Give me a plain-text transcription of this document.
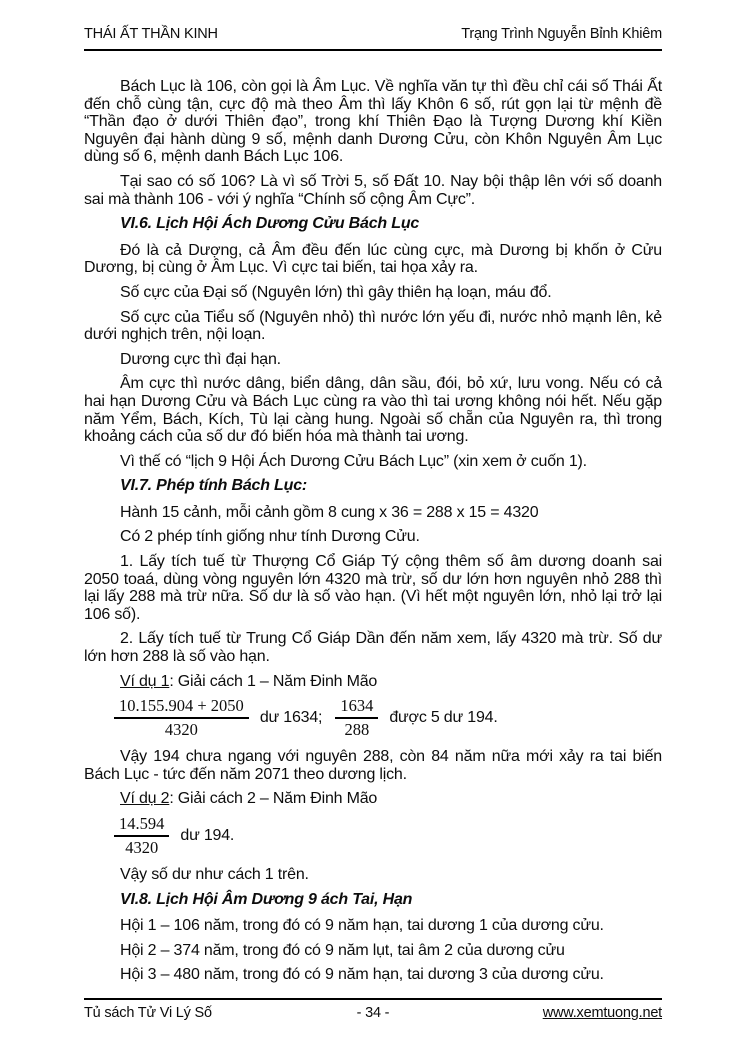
THÁI ẤT THẦN KINH	Trạng Trình Nguyễn Bỉnh Khiêm

Bách Lục là 106, còn gọi là Âm Lục. Về nghĩa văn tự thì đều chỉ cái số Thái Ất đến chỗ cùng tận, cực độ mà theo Âm thì lấy Khôn 6 số, rút gọn lại từ mệnh đề “Thần đạo ở dưới Thiên đạo”, trong khí Thiên Đạo là Tượng Dương khí Kiền Nguyên đại hành dùng 9 số, mệnh danh Dương Cửu, còn Khôn Nguyên Âm Lục dùng số 6, mệnh danh Bách Lục 106.

Tại sao có số 106? Là vì số Trời 5, số Đất 10. Nay bội thập lên với số doanh sai mà thành 106 - với ý nghĩa “Chính số cộng Âm Cực”.

VI.6. Lịch Hội Ách Dương Cửu Bách Lục

Đó là cả Dượng, cả Âm đều đến lúc cùng cực, mà Dương bị khốn ở Cửu Dương, bị cùng ở Âm Lục. Vì cực tai biến, tai họa xảy ra.

Số cực của Đại số (Nguyên lớn) thì gây thiên hạ loạn, máu đổ.

Số cực của Tiểu số (Nguyên nhỏ) thì nước lớn yếu đi, nước nhỏ mạnh lên, kẻ dưới nghịch trên, nội loạn.

Dương cực thì đại hạn.

Âm cực thì nước dâng, biển dâng, dân sầu, đói, bỏ xứ, lưu vong. Nếu có cả hai hạn Dương Cửu và Bách Lục cùng ra vào thì tai ương không nói hết. Nếu gặp năm Yểm, Bách, Kích, Tù lại càng hung. Ngoài số chẵn của Nguyên ra, thì trong khoảng cách của số dư đó biến hóa mà thành tai ương.

Vì thế có “lịch 9 Hội Ách Dương Cửu Bách Lục” (xin xem ở cuốn 1).

VI.7. Phép tính Bách Lục:

Hành 15 cảnh, mỗi cảnh gồm 8 cung x 36 = 288 x 15 = 4320

Có 2 phép tính giống như tính Dương Cửu.

1. Lấy tích tuế từ Thượng Cổ Giáp Tý cộng thêm số âm dương doanh sai 2050 toaá, dùng vòng nguyên lớn 4320 mà trừ, số dư lớn hơn nguyên nhỏ 288 thì lại lấy 288 mà trừ nữa. Số dư là số vào hạn. (Vì hết một nguyên lớn, nhỏ lại trở lại 106 số).

2. Lấy tích tuế từ Trung Cổ Giáp Dần đến năm xem, lấy 4320 mà trừ. Số dư lớn hơn 288 là số vào hạn.

Ví dụ 1: Giải cách 1 – Năm Đinh Mão

$\frac{10.155.904 + 2050}{4320}$ dư 1634; $\frac{1634}{288}$ được 5 dư 194.

Vậy 194 chưa ngang với nguyên 288, còn 84 năm nữa mới xảy ra tai biến Bách Lục - tức đến năm 2071 theo dương lịch.

Ví dụ 2: Giải cách 2 – Năm Đinh Mão

$\frac{14.594}{4320}$ dư 194.

Vậy số dư như cách 1 trên.

VI.8. Lịch Hội Âm Dương 9 ách Tai, Hạn

Hội 1 – 106 năm, trong đó có 9 năm hạn, tai dương 1 của dương cửu.

Hội 2 – 374 năm, trong đó có 9 năm lụt, tai âm 2 của dương cửu

Hội 3 – 480 năm, trong đó có 9 năm hạn, tai dương 3 của dương cửu.

Tủ sách Tử Vi Lý Số	- 34 -	www.xemtuong.net
